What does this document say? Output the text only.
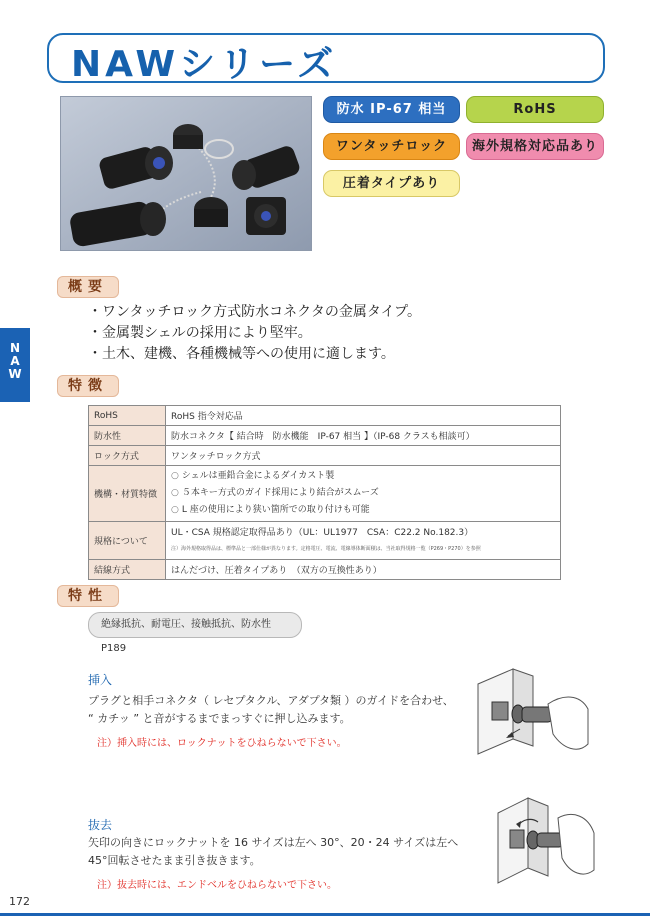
NAWシリーズ
防水 IP-67 相当	RoHS
ワンタッチロック	海外規格対応品あり
圧着タイプあり
N
A
W
概要
・ワンタッチロック方式防水コネクタの金属タイプ。
・金属製シェルの採用により堅牢。
・土木、建機、各種機械等への使用に適します。
特徴
RoHS	RoHS 指令対応品
防水性	防水コネクタ【 結合時　防水機能　IP-67 相当 】（IP-68 クラスも相談可）
ロック方式	ワンタッチロック方式
機構・材質特徴	○ シェルは亜鉛合金によるダイカスト製
○ ５本キー方式のガイド採用により結合がスムーズ
○ L 座の使用により狭い箇所での取り付けも可能

規格について	UL・CSA 規格認定取得品あり（UL：UL1977　CSA：C22.2 No.182.3）
注）海外規格取得品は、標準品と一部仕様が異なります。定格電圧、電流、電線導体断面積は、当社取得規格一覧（P269・P270）を参照

結線方式	はんだづけ、圧着タイプあり　（双方の互換性あり）
特性
絶縁抵抗、耐電圧、接触抵抗、防水性　P189
挿入
プラグと相手コネクタ（ レセプタクル、アダプタ類 ）のガイドを合わせ、
“ カチッ ” と音がするまでまっすぐに押し込みます。
注）挿入時には、ロックナットをひねらないで下さい。
抜去
矢印の向きにロックナットを 16 サイズは左へ 30°、20・24 サイズは左へ
45°回転させたまま引き抜きます。
注）抜去時には、エンドベルをひねらないで下さい。
172
